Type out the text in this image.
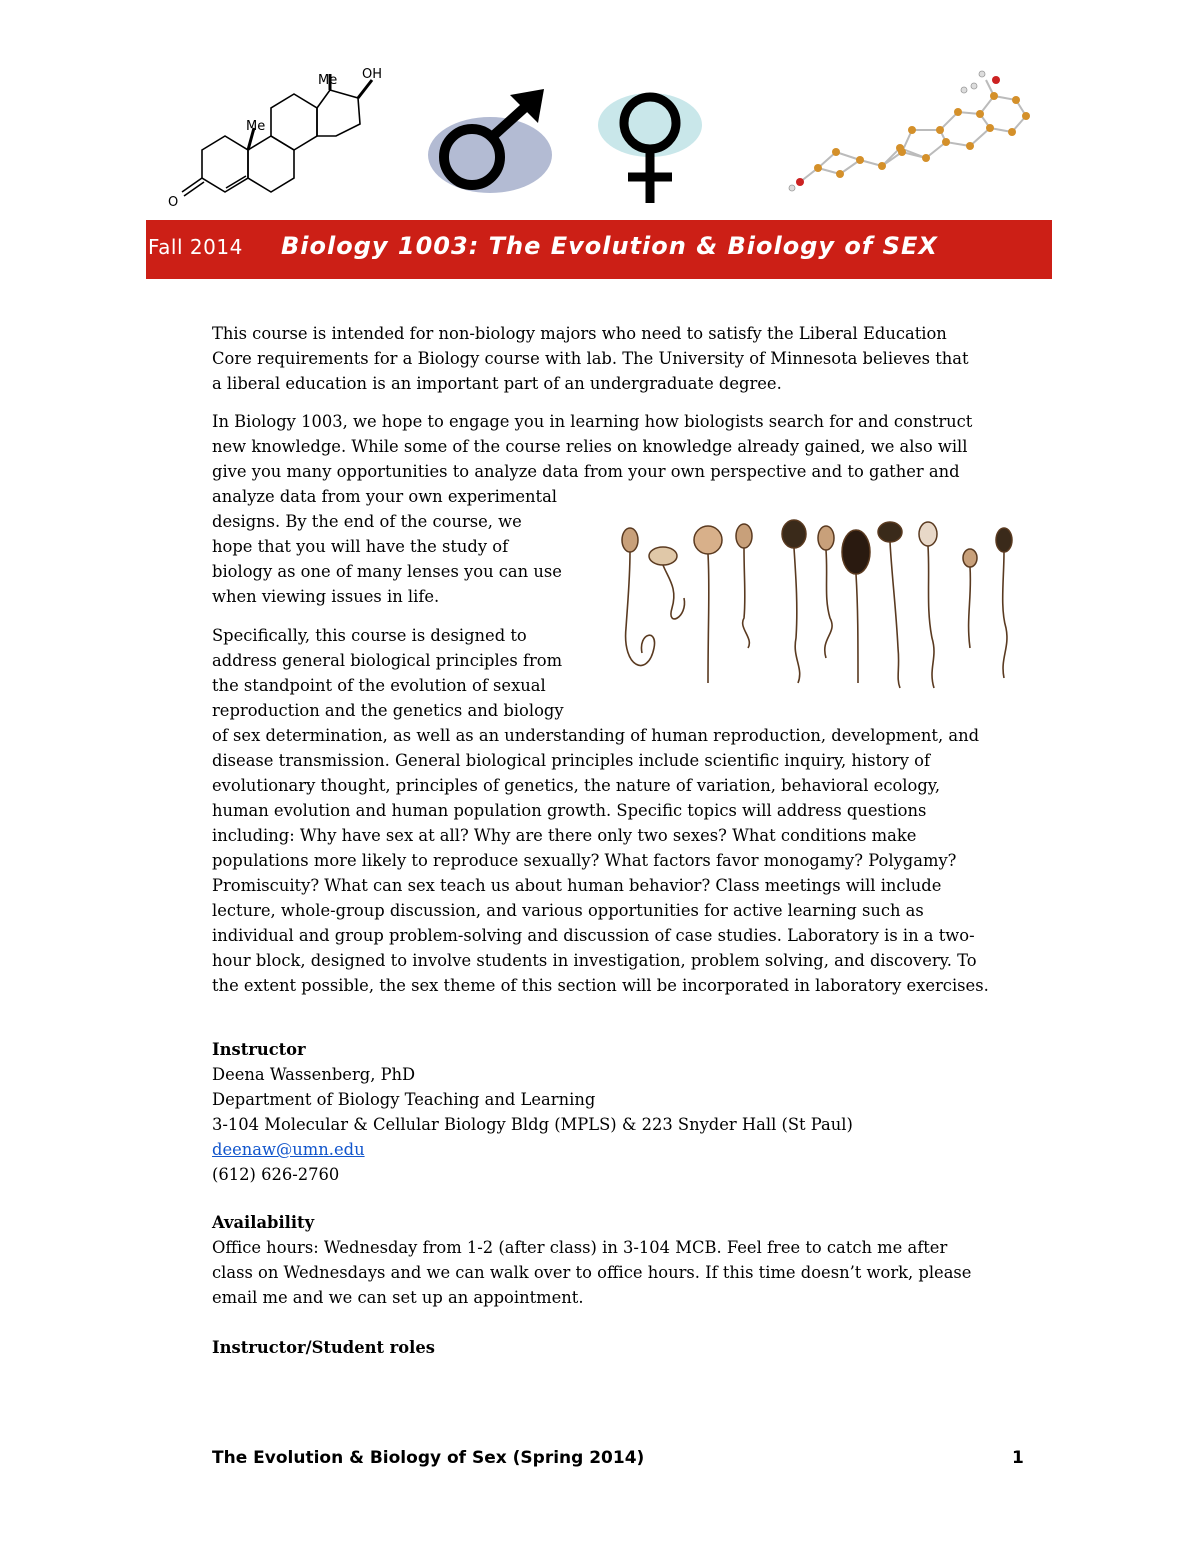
Me
Me OH
O
Fall 2014 Biology 1003: The Evolution & Biology of SEX
This course is intended for non-biology majors who need to satisfy the Liberal Education
Core requirements for a Biology course with lab. The University of Minnesota believes that
a liberal education is an important part of an undergraduate degree.
In Biology 1003, we hope to engage you in learning how biologists search for and construct
new knowledge. While some of the course relies on knowledge already gained, we also will
give you many opportunities to analyze data from your own perspective and to gather and
analyze data from your own experimental
designs. By the end of the course, we
hope that you will have the study of
biology as one of many lenses you can use
when viewing issues in life.
Specifically, this course is designed to
address general biological principles from
the standpoint of the evolution of sexual
reproduction and the genetics and biology
of sex determination, as well as an understanding of human reproduction, development, and
disease transmission. General biological principles include scientific inquiry, history of
evolutionary thought, principles of genetics, the nature of variation, behavioral ecology,
human evolution and human population growth. Specific topics will address questions
including: Why have sex at all? Why are there only two sexes? What conditions make
populations more likely to reproduce sexually? What factors favor monogamy? Polygamy?
Promiscuity? What can sex teach us about human behavior? Class meetings will include
lecture, whole-group discussion, and various opportunities for active learning such as
individual and group problem-solving and discussion of case studies. Laboratory is in a two-
hour block, designed to involve students in investigation, problem solving, and discovery. To
the extent possible, the sex theme of this section will be incorporated in laboratory exercises.
Instructor
Deena Wassenberg, PhD
Department of Biology Teaching and Learning
3-104 Molecular & Cellular Biology Bldg (MPLS) & 223 Snyder Hall (St Paul)
deenaw@umn.edu
(612) 626-2760
Availability
Office hours: Wednesday from 1-2 (after class) in 3-104 MCB. Feel free to catch me after
class on Wednesdays and we can walk over to office hours. If this time doesn’t work, please
email me and we can set up an appointment.
Instructor/Student roles
The Evolution & Biology of Sex (Spring 2014)	1
